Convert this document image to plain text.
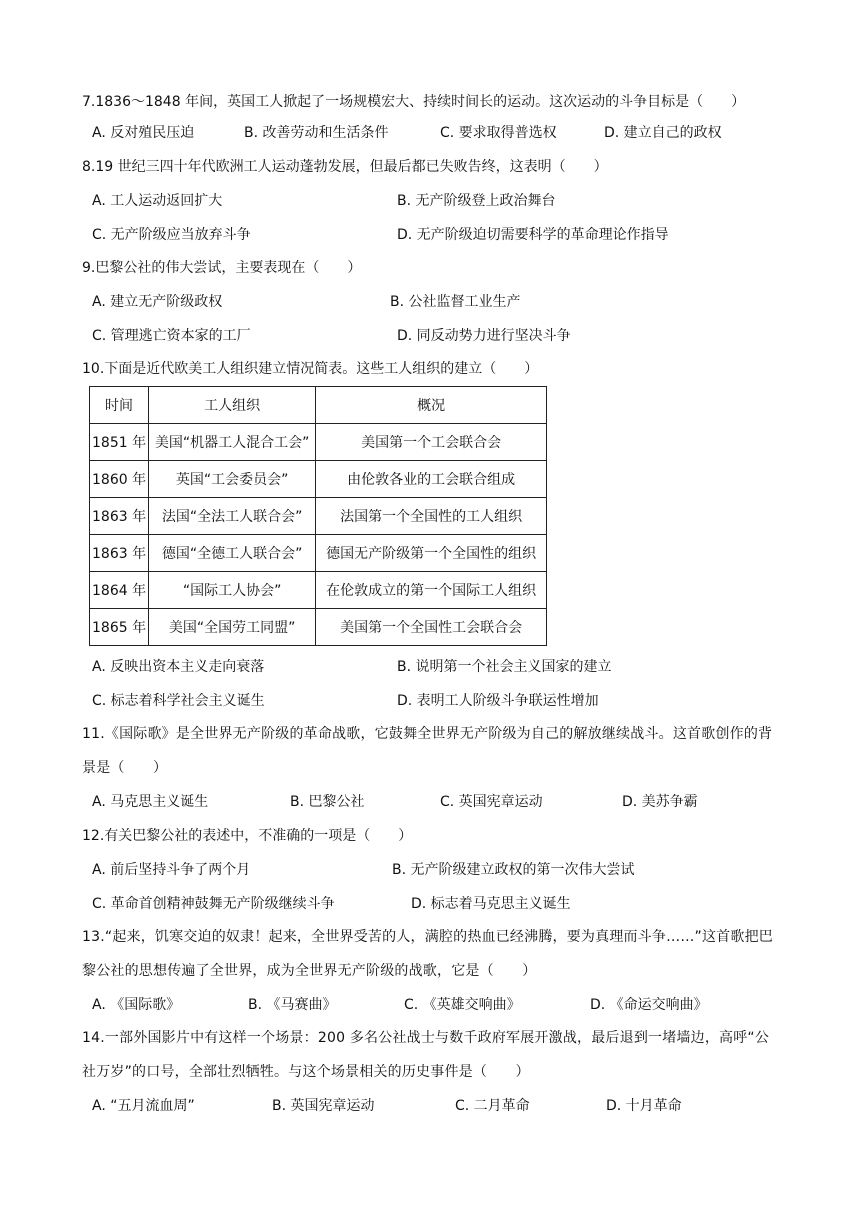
7.1836～1848 年间，英国工人掀起了一场规模宏大、持续时间长的运动。这次运动的斗争目标是（　　）
A. 反对殖民压迫	B. 改善劳动和生活条件	C. 要求取得普选权	D. 建立自己的政权
8.19 世纪三四十年代欧洲工人运动蓬勃发展，但最后都已失败告终，这表明（　　）
A. 工人运动返回扩大	B. 无产阶级登上政治舞台
C. 无产阶级应当放弃斗争	D. 无产阶级迫切需要科学的革命理论作指导
9.巴黎公社的伟大尝试，主要表现在（　　）
A. 建立无产阶级政权	B. 公社监督工业生产
C. 管理逃亡资本家的工厂	D. 同反动势力进行坚决斗争
10.下面是近代欧美工人组织建立情况简表。这些工人组织的建立（　　）
时间	工人组织	概况
1851 年	美国“机器工人混合工会”	美国第一个工会联合会
1860 年	英国“工会委员会”	由伦敦各业的工会联合组成
1863 年	法国“全法工人联合会”	法国第一个全国性的工人组织
1863 年	德国“全德工人联合会”	德国无产阶级第一个全国性的组织
1864 年	“国际工人协会”	在伦敦成立的第一个国际工人组织
1865 年	美国“全国劳工同盟”	美国第一个全国性工会联合会
A. 反映出资本主义走向衰落	B. 说明第一个社会主义国家的建立
C. 标志着科学社会主义诞生	D. 表明工人阶级斗争联运性增加
11.《国际歌》是全世界无产阶级的革命战歌，它鼓舞全世界无产阶级为自己的解放继续战斗。这首歌创作的背景是（　　）
A. 马克思主义诞生	B. 巴黎公社	C. 英国宪章运动	D. 美苏争霸
12.有关巴黎公社的表述中，不准确的一项是（　　）
A. 前后坚持斗争了两个月	B. 无产阶级建立政权的第一次伟大尝试
C. 革命首创精神鼓舞无产阶级继续斗争	D. 标志着马克思主义诞生
13.“起来，饥寒交迫的奴隶！起来，全世界受苦的人，满腔的热血已经沸腾，要为真理而斗争……”这首歌把巴黎公社的思想传遍了全世界，成为全世界无产阶级的战歌，它是（　　）
A. 《国际歌》	B. 《马赛曲》	C. 《英雄交响曲》	D. 《命运交响曲》
14.一部外国影片中有这样一个场景：200 多名公社战士与数千政府军展开激战，最后退到一堵墙边，高呼“公社万岁”的口号，全部壮烈牺牲。与这个场景相关的历史事件是（　　）
A. “五月流血周”	B. 英国宪章运动	C. 二月革命	D. 十月革命
